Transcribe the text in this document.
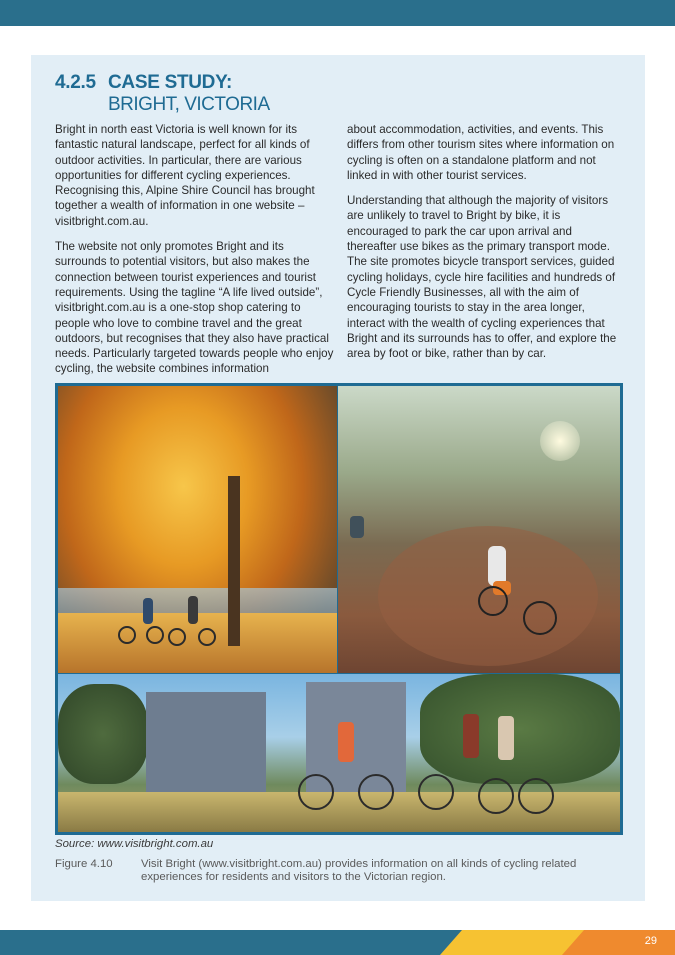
4.2.5 CASE STUDY:
BRIGHT, VICTORIA

Bright in north east Victoria is well known for its fantastic natural landscape, perfect for all kinds of outdoor activities. In particular, there are various opportunities for different cycling experiences. Recognising this, Alpine Shire Council has brought together a wealth of information in one website – visitbright.com.au.

The website not only promotes Bright and its surrounds to potential visitors, but also makes the connection between tourist experiences and tourist requirements. Using the tagline “A life lived outside”, visitbright.com.au is a one-stop shop catering to people who love to combine travel and the great outdoors, but recognises that they also have practical needs. Particularly targeted towards people who enjoy cycling, the website combines information

about accommodation, activities, and events. This differs from other tourism sites where information on cycling is often on a standalone platform and not linked in with other tourist services.

Understanding that although the majority of visitors are unlikely to travel to Bright by bike, it is encouraged to park the car upon arrival and thereafter use bikes as the primary transport mode. The site promotes bicycle transport services, guided cycling holidays, cycle hire facilities and hundreds of Cycle Friendly Businesses, all with the aim of encouraging tourists to stay in the area longer, interact with the wealth of cycling experiences that Bright and its surrounds has to offer, and explore the area by foot or bike, rather than by car.

Source: www.visitbright.com.au
Figure 4.10 Visit Bright (www.visitbright.com.au) provides information on all kinds of cycling related experiences for residents and visitors to the Victorian region.
29
